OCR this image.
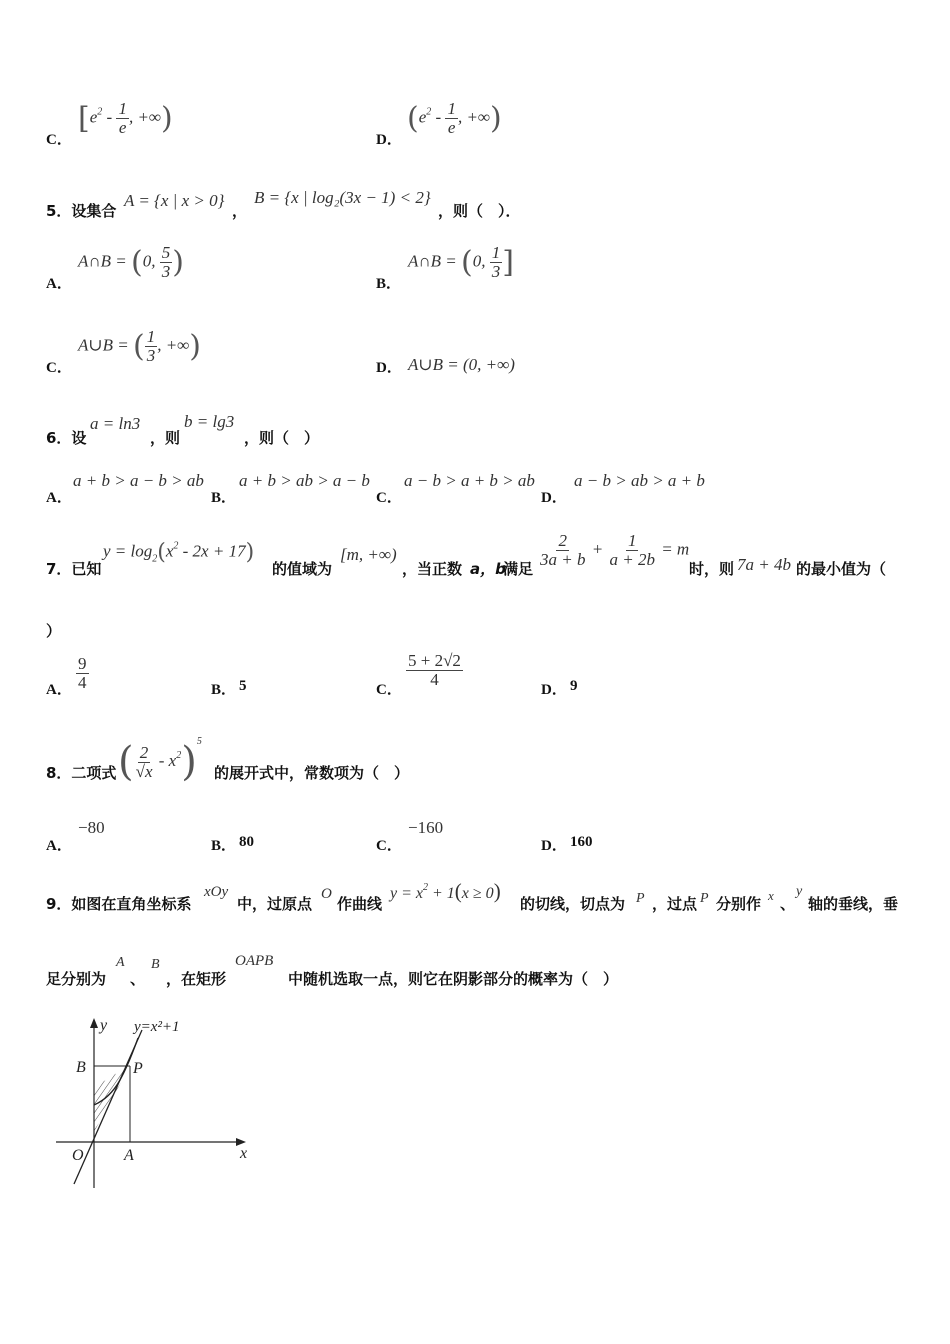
C．
[$e^2 - \frac{1}{e}$ , +∞)
D．
($e^2 - \frac{1}{e}$ , +∞)
5．设集合
A = {x | x > 0}
，
B = {x | log₂(3x − 1) < 2}
，则（　）．
A．
A∩B = (0, $\frac{5}{3}$ )
B．
A∩B = (0, $\frac{1}{3}$ ]
C．
A∪B = ( $\frac{1}{3}$ , +∞)
D． A∪B = (0, +∞)
6．设
a = ln3
，则
b = lg3
，则（　）
A．
a + b > a − b > ab
B．
a + b > ab > a − b
C．
a − b > a + b > ab
D．
a − b > ab > a + b
7．已知
$y = \log_2(x^2 - 2x + 17)$
的值域为
[m, +∞)
，当正数 a，b
满足
$\frac{2}{3a + b} + \frac{1}{a + 2b} = m$
时，则 7a + 4b 的最小值为（
）
A． $\frac{9}{4}$	B． 5	C．
$\frac{5 + 2√2}{4}$
D． 9
8．二项式 ( $\frac{2}{√x} - x^2)^5$
的展开式中，常数项为（　）
A．
−80
B． 80	C．
−160
D． 160
9．如图在直角坐标系
xOy
中，过原点
O
作曲线
$y = x^2 + 1(x \ge 0)$
的切线，切点为 P ，过点 P 分别作 x 、
y
轴的垂线，垂
足分别为
A
、
B
，在矩形
OAPB
中随机选取一点，则它在阴影部分的概率为（　）
y
x
y=x²+1
B	P
O	A
